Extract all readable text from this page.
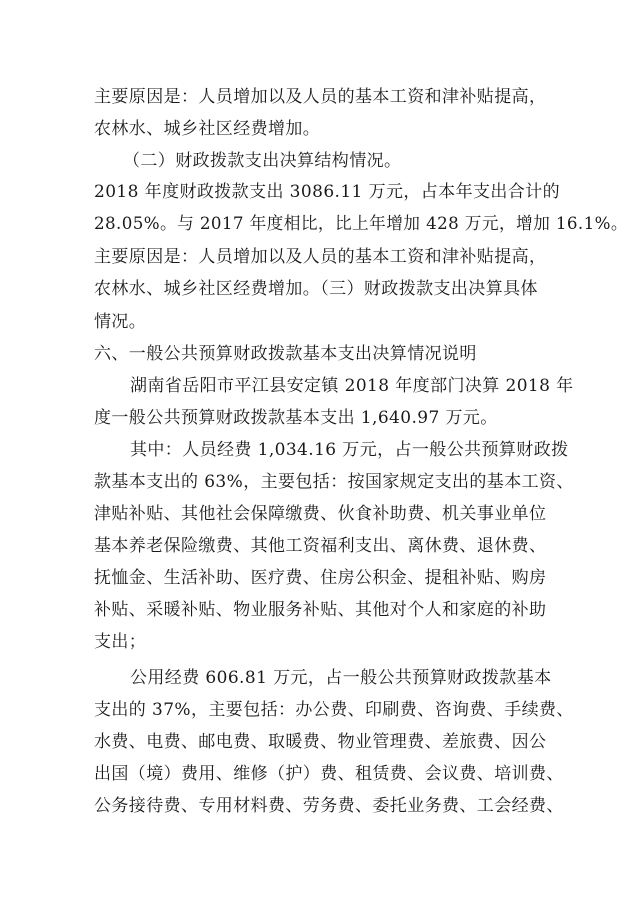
主要原因是：人员增加以及人员的基本工资和津补贴提高，
农林水、城乡社区经费增加。
（二）财政拨款支出决算结构情况。
2018 年度财政拨款支出 3086.11 万元，占本年支出合计的
28.05%。与 2017 年度相比，比上年增加 428 万元，增加 16.1%。
主要原因是：人员增加以及人员的基本工资和津补贴提高，
农林水、城乡社区经费增加。（三）财政拨款支出决算具体
情况。
六、一般公共预算财政拨款基本支出决算情况说明
湖南省岳阳市平江县安定镇 2018 年度部门决算 2018 年
度一般公共预算财政拨款基本支出 1,640.97 万元。
其中：人员经费 1,034.16 万元，占一般公共预算财政拨
款基本支出的 63%，主要包括：按国家规定支出的基本工资、
津贴补贴、其他社会保障缴费、伙食补助费、机关事业单位
基本养老保险缴费、其他工资福利支出、离休费、退休费、
抚恤金、生活补助、医疗费、住房公积金、提租补贴、购房
补贴、采暖补贴、物业服务补贴、其他对个人和家庭的补助
支出；
公用经费 606.81 万元，占一般公共预算财政拨款基本
支出的 37%，主要包括：办公费、印刷费、咨询费、手续费、
水费、电费、邮电费、取暖费、物业管理费、差旅费、因公
出国（境）费用、维修（护）费、租赁费、会议费、培训费、
公务接待费、专用材料费、劳务费、委托业务费、工会经费、
